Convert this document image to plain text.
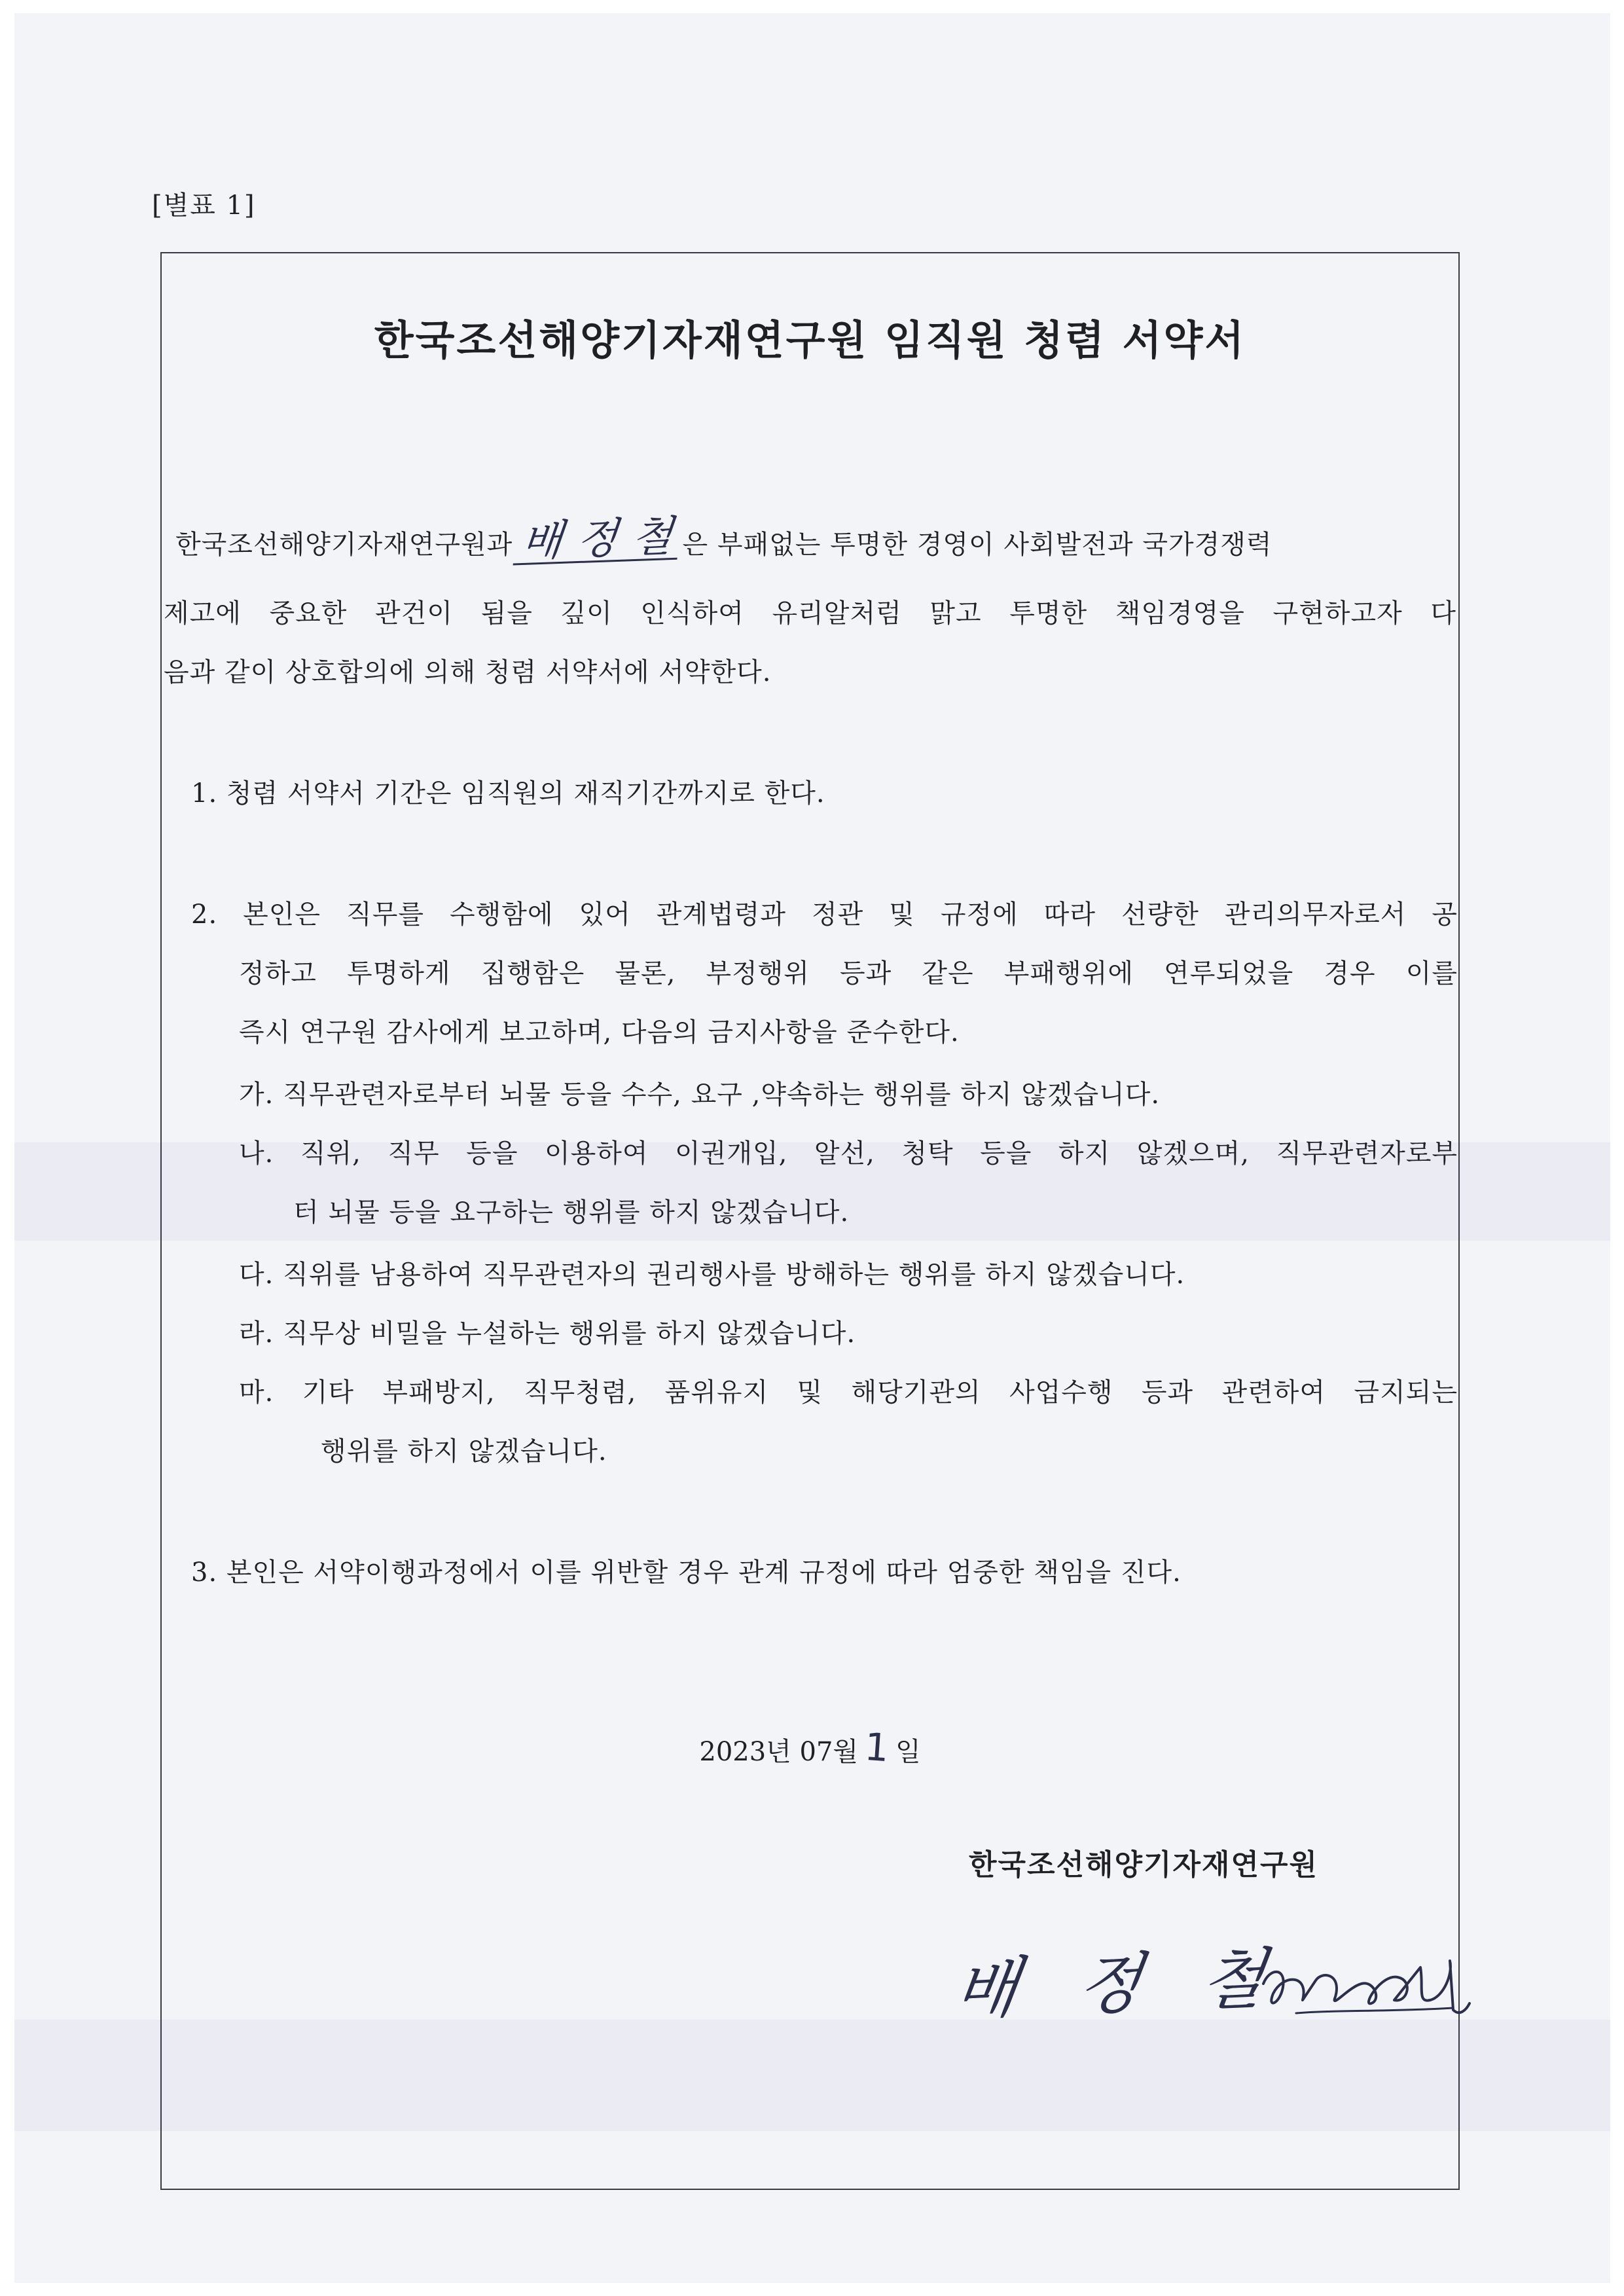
[별표 1]
한국조선해양기자재연구원 임직원 청렴 서약서
한국조선해양기자재연구원과 배 정 철 은 부패없는 투명한 경영이 사회발전과 국가경쟁력
제고에 중요한 관건이 됨을 깊이 인식하여 유리알처럼 맑고 투명한 책임경영을 구현하고자 다
음과 같이 상호합의에 의해 청렴 서약서에 서약한다.
1. 청렴 서약서 기간은 임직원의 재직기간까지로 한다.
2. 본인은 직무를 수행함에 있어 관계법령과 정관 및 규정에 따라 선량한 관리의무자로서 공
정하고 투명하게 집행함은 물론, 부정행위 등과 같은 부패행위에 연루되었을 경우 이를
즉시 연구원 감사에게 보고하며, 다음의 금지사항을 준수한다.
가. 직무관련자로부터 뇌물 등을 수수, 요구 ,약속하는 행위를 하지 않겠습니다.
나. 직위, 직무 등을 이용하여 이권개입, 알선, 청탁 등을 하지 않겠으며, 직무관련자로부
터 뇌물 등을 요구하는 행위를 하지 않겠습니다.
다. 직위를 남용하여 직무관련자의 권리행사를 방해하는 행위를 하지 않겠습니다.
라. 직무상 비밀을 누설하는 행위를 하지 않겠습니다.
마. 기타 부패방지, 직무청렴, 품위유지 및 해당기관의 사업수행 등과 관련하여 금지되는
행위를 하지 않겠습니다.
3. 본인은 서약이행과정에서 이를 위반할 경우 관계 규정에 따라 엄중한 책임을 진다.
2023년 07월 1 일
한국조선해양기자재연구원
배 정 철
